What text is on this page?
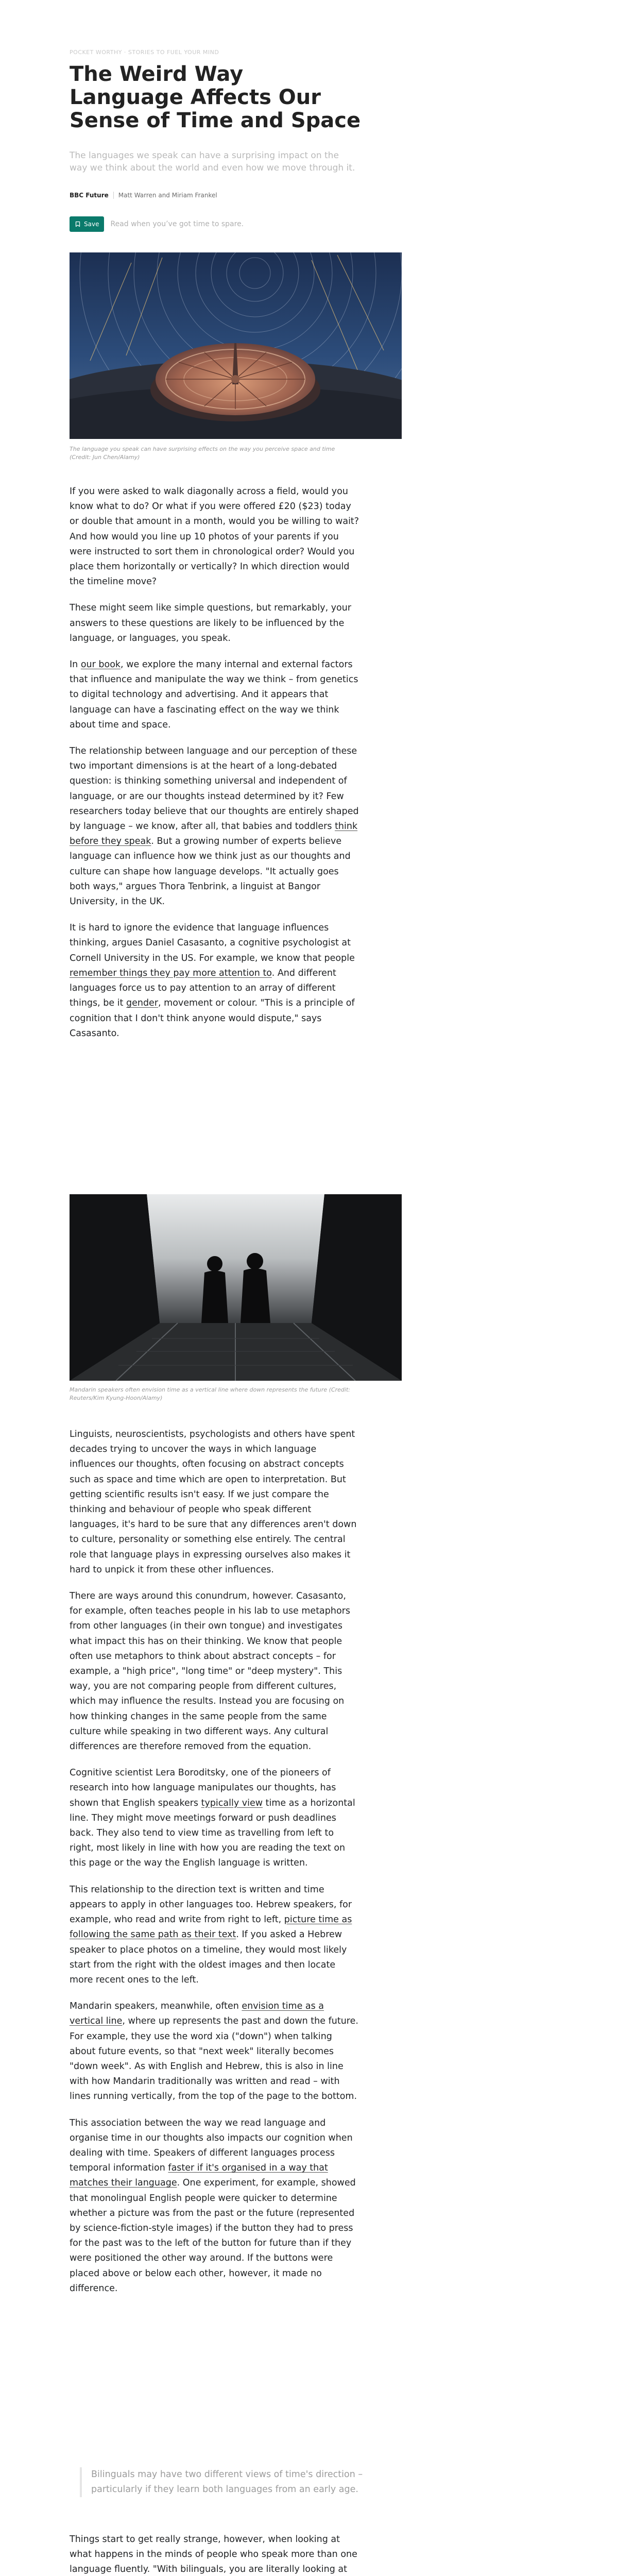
POCKET WORTHY · STORIES TO FUEL YOUR MIND
The Weird Way Language Affects Our Sense of Time and Space

The languages we speak can have a surprising impact on the way we think about the world and even how we move through it.

BBC Future Matt Warren and Miriam Frankel
Save Read when you’ve got time to spare.

The language you speak can have surprising effects on the way you perceive space and time (Credit: Jun Chen/Alamy)

If you were asked to walk diagonally across a field, would you know what to do? Or what if you were offered £20 ($23) today or double that amount in a month, would you be willing to wait? And how would you line up 10 photos of your parents if you were instructed to sort them in chronological order? Would you place them horizontally or vertically? In which direction would the timeline move?

These might seem like simple questions, but remarkably, your answers to these questions are likely to be influenced by the language, or languages, you speak.

In our book, we explore the many internal and external factors that influence and manipulate the way we think – from genetics to digital technology and advertising. And it appears that language can have a fascinating effect on the way we think about time and space.

The relationship between language and our perception of these two important dimensions is at the heart of a long-debated question: is thinking something universal and independent of language, or are our thoughts instead determined by it? Few researchers today believe that our thoughts are entirely shaped by language – we know, after all, that babies and toddlers think before they speak. But a growing number of experts believe language can influence how we think just as our thoughts and culture can shape how language develops. "It actually goes both ways," argues Thora Tenbrink, a linguist at Bangor University, in the UK.

It is hard to ignore the evidence that language influences thinking, argues Daniel Casasanto, a cognitive psychologist at Cornell University in the US. For example, we know that people remember things they pay more attention to. And different languages force us to pay attention to an array of different things, be it gender, movement or colour. "This is a principle of cognition that I don't think anyone would dispute," says Casasanto.

Mandarin speakers often envision time as a vertical line where down represents the future (Credit: Reuters/Kim Kyung-Hoon/Alamy)

Linguists, neuroscientists, psychologists and others have spent decades trying to uncover the ways in which language influences our thoughts, often focusing on abstract concepts such as space and time which are open to interpretation. But getting scientific results isn't easy. If we just compare the thinking and behaviour of people who speak different languages, it's hard to be sure that any differences aren't down to culture, personality or something else entirely. The central role that language plays in expressing ourselves also makes it hard to unpick it from these other influences.

There are ways around this conundrum, however. Casasanto, for example, often teaches people in his lab to use metaphors from other languages (in their own tongue) and investigates what impact this has on their thinking. We know that people often use metaphors to think about abstract concepts – for example, a "high price", "long time" or "deep mystery". This way, you are not comparing people from different cultures, which may influence the results. Instead you are focusing on how thinking changes in the same people from the same culture while speaking in two different ways. Any cultural differences are therefore removed from the equation.

Cognitive scientist Lera Boroditsky, one of the pioneers of research into how language manipulates our thoughts, has shown that English speakers typically view time as a horizontal line. They might move meetings forward or push deadlines back. They also tend to view time as travelling from left to right, most likely in line with how you are reading the text on this page or the way the English language is written.

This relationship to the direction text is written and time appears to apply in other languages too. Hebrew speakers, for example, who read and write from right to left, picture time as following the same path as their text. If you asked a Hebrew speaker to place photos on a timeline, they would most likely start from the right with the oldest images and then locate more recent ones to the left.

Mandarin speakers, meanwhile, often envision time as a vertical line, where up represents the past and down the future. For example, they use the word xia ("down") when talking about future events, so that "next week" literally becomes "down week". As with English and Hebrew, this is also in line with how Mandarin traditionally was written and read – with lines running vertically, from the top of the page to the bottom.

This association between the way we read language and organise time in our thoughts also impacts our cognition when dealing with time. Speakers of different languages process temporal information faster if it's organised in a way that matches their language. One experiment, for example, showed that monolingual English people were quicker to determine whether a picture was from the past or the future (represented by science-fiction-style images) if the button they had to press for the past was to the left of the button for future than if they were positioned the other way around. If the buttons were placed above or below each other, however, it made no difference.

Bilinguals may have two different views of time's direction – particularly if they learn both languages from an early age.

Things start to get really strange, however, when looking at what happens in the minds of people who speak more than one language fluently. "With bilinguals, you are literally looking at
